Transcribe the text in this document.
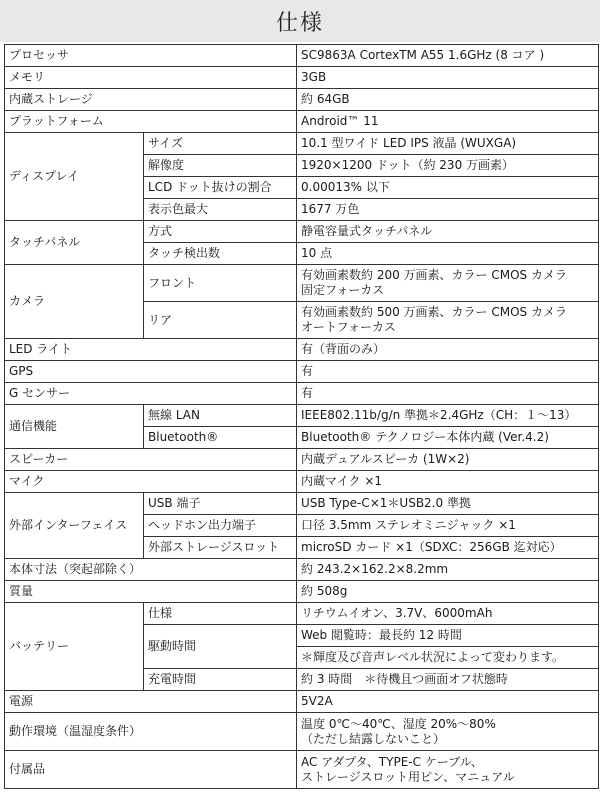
仕様
プロセッサ		SC9863A CortexTM A55 1.6GHz (8 コア )
メモリ		3GB
内蔵ストレージ		約 64GB
プラットフォーム		Android™ 11
ディスプレイ	サイズ	10.1 型ワイド LED IPS 液晶 (WUXGA)
	解像度	1920×1200 ドット（約 230 万画素）
	LCD ドット抜けの割合	0.00013% 以下
	表示色最大	1677 万色
タッチパネル	方式	静電容量式タッチパネル
	タッチ検出数	10 点
カメラ	フロント	有効画素数約 200 万画素、カラー CMOS カメラ
固定フォーカス

	リア	有効画素数約 500 万画素、カラー CMOS カメラ
オートフォーカス

LED ライト		有（背面のみ）
GPS		有
G センサー		有
通信機能	無線 LAN	IEEE802.11b/g/n 準拠＊2.4GHz（CH：１～13）
	Bluetooth®	Bluetooth® テクノロジー本体内蔵 (Ver.4.2)
スピーカー		内蔵デュアルスピーカ (1W×2)
マイク		内蔵マイク ×1
外部インターフェイス	USB 端子	USB Type-C×1＊USB2.0 準拠
	ヘッドホン出力端子	口径 3.5mm ステレオミニジャック ×1
	外部ストレージスロット	microSD カード ×1（SDXC：256GB 迄対応）
本体寸法（突起部除く）		約 243.2×162.2×8.2mm
質量		約 508g
バッテリー	仕様	リチウムイオン、3.7V、6000mAh
	駆動時間	Web 閲覧時：最長約 12 時間
		＊輝度及び音声レベル状況によって変わります。
	充電時間	約 3 時間　＊待機且つ画面オフ状態時
電源		5V2A
動作環境（温湿度条件）		温度 0℃～40℃、湿度 20%～80%
（ただし結露しないこと）

付属品		AC アダプタ、TYPE-C ケーブル、
ストレージスロット用ピン、マニュアル
